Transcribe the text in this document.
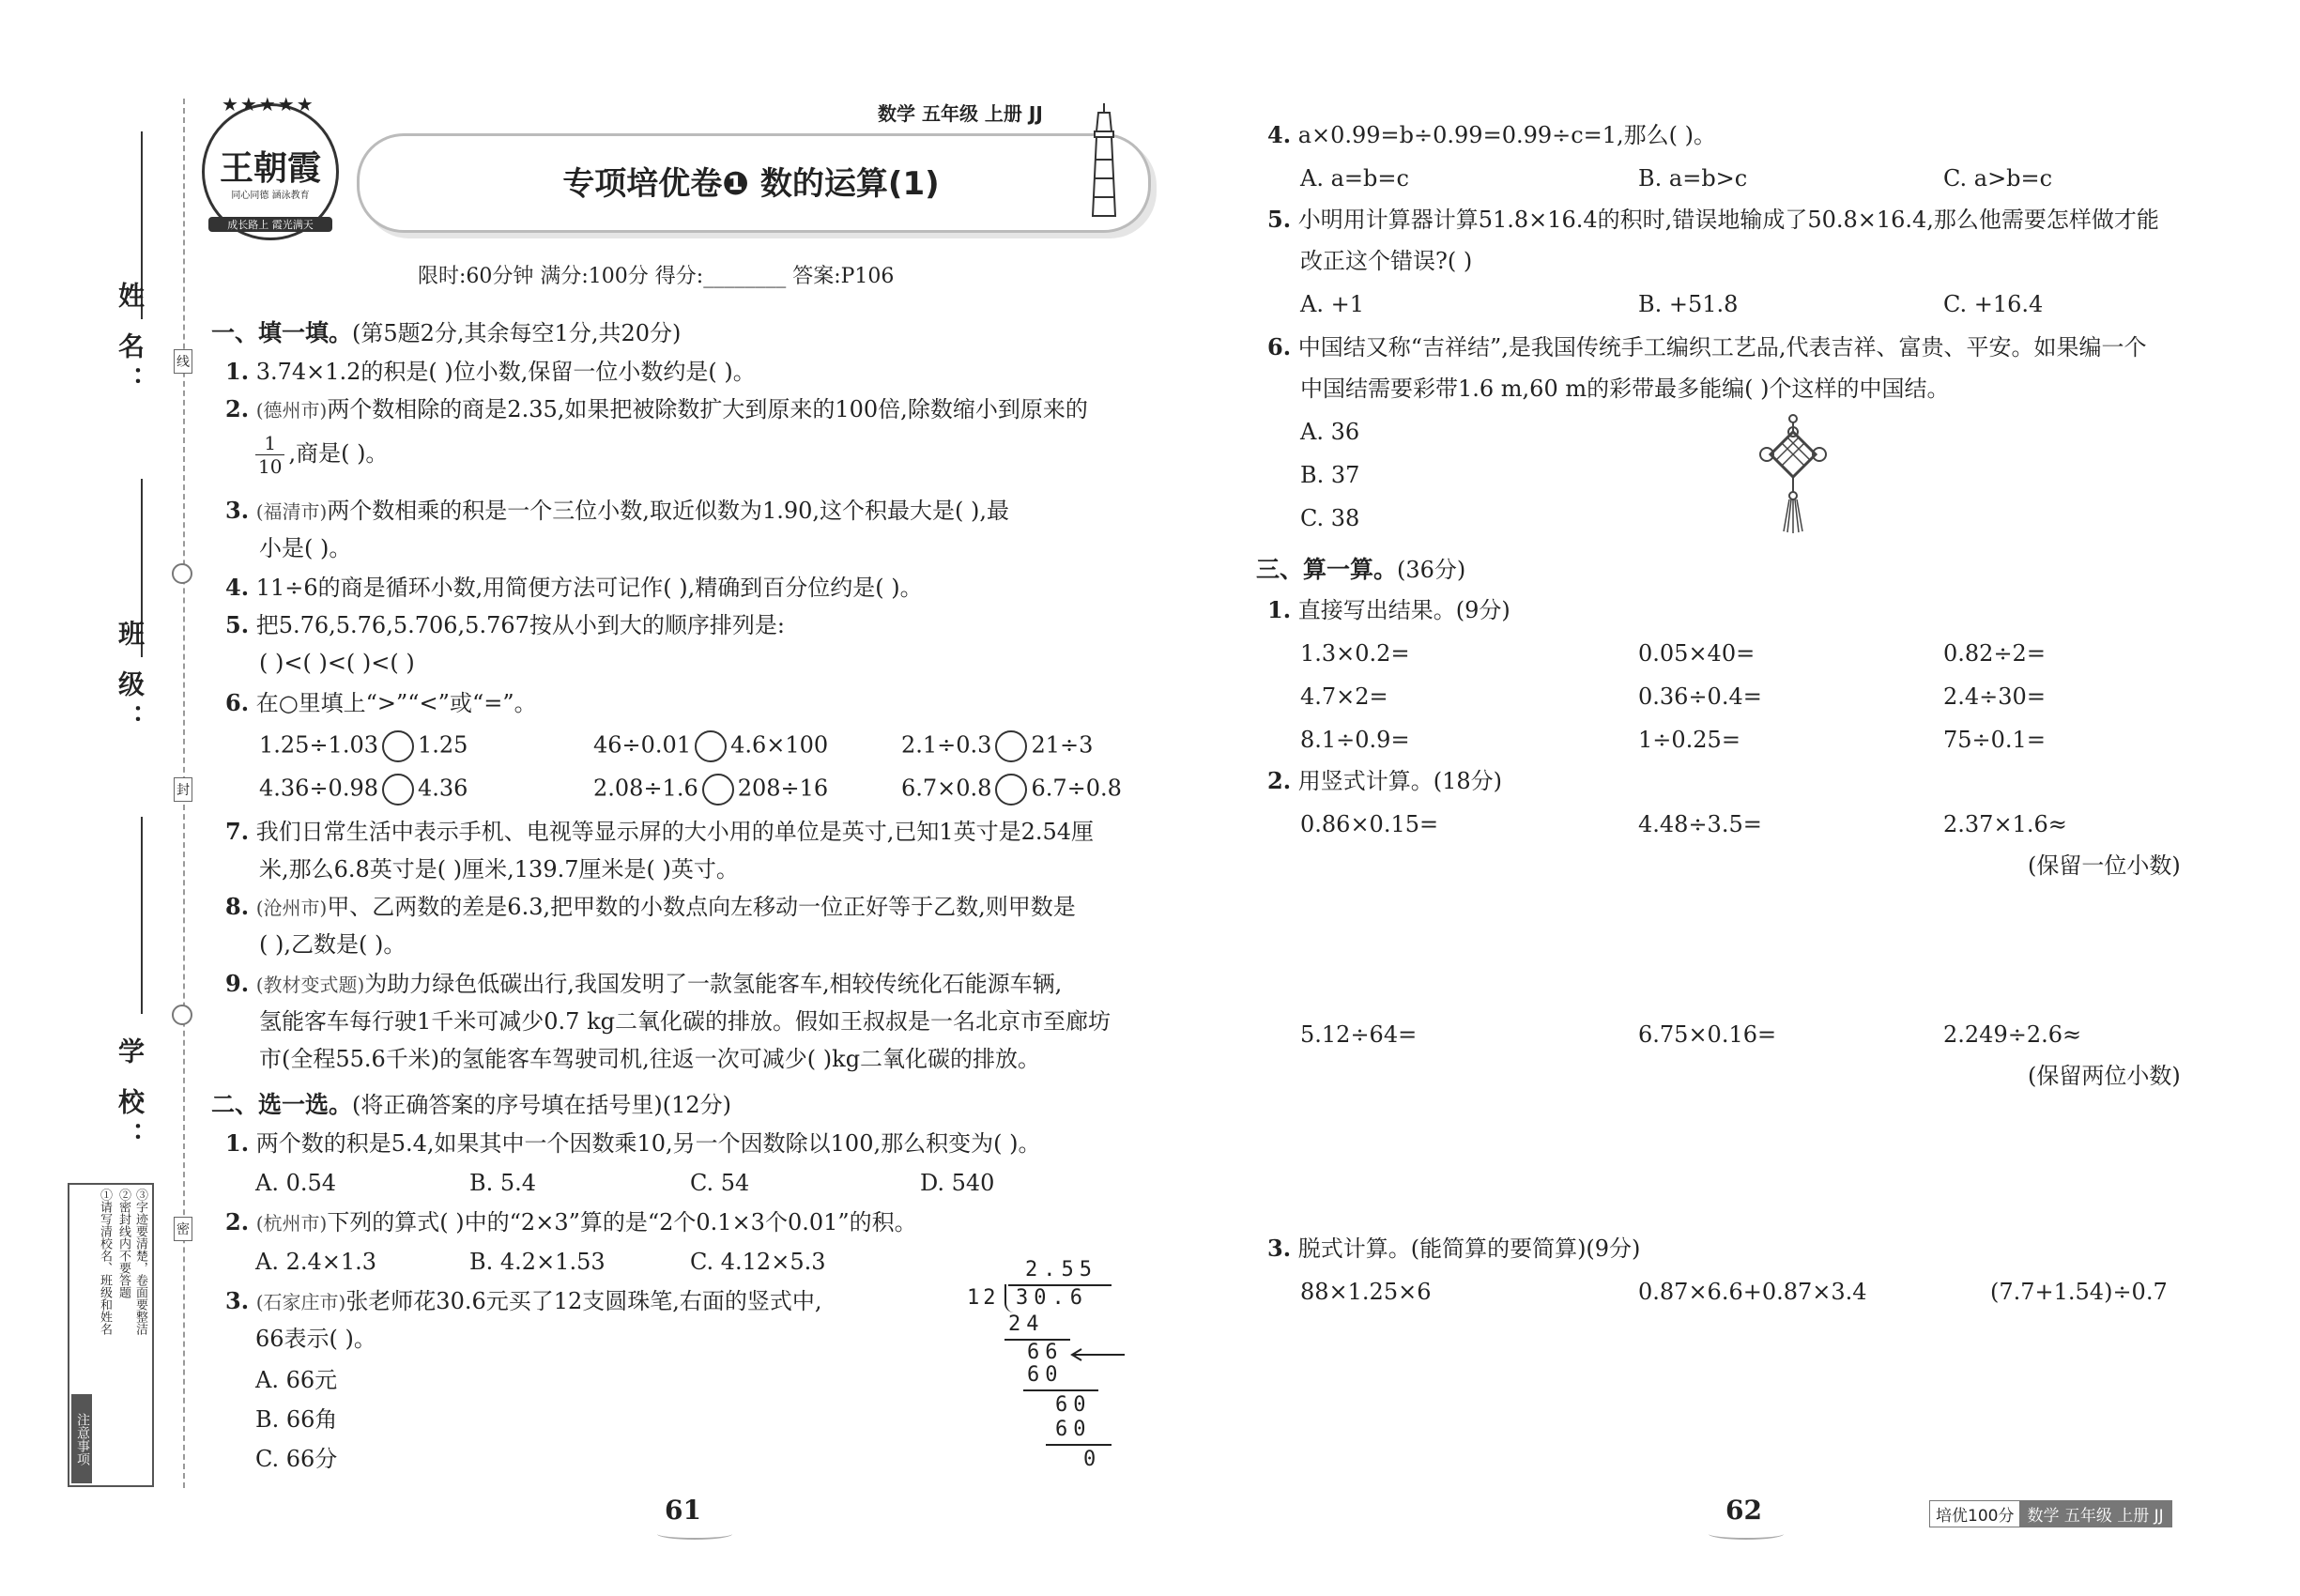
姓 名：
班 级：
学 校：
线
封
密
注意事项
①请写清校名、班级和姓名 ②密封线内不要答题 ③字迹要清楚，卷面要整洁
★★★★★
王朝霞
同心同德 涵泳教育
成长路上 霞光满天
数学 五年级 上册 JJ
专项培优卷❶ 数的运算(1)
限时:60分钟 满分:100分 得分:________ 答案:P106
一、填一填。(第5题2分,其余每空1分,共20分)
1. 3.74×1.2的积是( )位小数,保留一位小数约是( )。
2. (德州市)两个数相除的商是2.35,如果把被除数扩大到原来的100倍,除数缩小到原来的
$\frac{1}{10}$ ,商是( )。
3. (福清市)两个数相乘的积是一个三位小数,取近似数为1.90,这个积最大是( ),最
小是( )。
4. 11÷6的商是循环小数,用简便方法可记作( ),精确到百分位约是( )。
5. 把5.76,5.76,5.706,5.767按从小到大的顺序排列是:
( )<( )<( )<( )
6. 在○里填上“>”“<”或“=”。
1.25÷1.03 1.25	46÷0.01 4.6×100	2.1÷0.3 21÷3
4.36÷0.98 4.36	2.08÷1.6 208÷16	6.7×0.8 6.7÷0.8
7. 我们日常生活中表示手机、电视等显示屏的大小用的单位是英寸,已知1英寸是2.54厘
米,那么6.8英寸是( )厘米,139.7厘米是( )英寸。
8. (沧州市)甲、乙两数的差是6.3,把甲数的小数点向左移动一位正好等于乙数,则甲数是
( ),乙数是( )。
9. (教材变式题)为助力绿色低碳出行,我国发明了一款氢能客车,相较传统化石能源车辆,
氢能客车每行驶1千米可减少0.7 kg二氧化碳的排放。假如王叔叔是一名北京市至廊坊
市(全程55.6千米)的氢能客车驾驶司机,往返一次可减少( )kg二氧化碳的排放。
二、选一选。(将正确答案的序号填在括号里)(12分)
1. 两个数的积是5.4,如果其中一个因数乘10,另一个因数除以100,那么积变为( )。
A. 0.54	B. 5.4	C. 54	D. 540
2. (杭州市)下列的算式( )中的“2×3”算的是“2个0.1×3个0.01”的积。
A. 2.4×1.3	B. 4.2×1.53	C. 4.12×5.3
3. (石家庄市)张老师花30.6元买了12支圆珠笔,右面的竖式中,
66表示( )。
A. 66元
B. 66角
C. 66分
2.55
12 30.6
24
66
60
60
60
0
61
4. a×0.99=b÷0.99=0.99÷c=1,那么( )。
A. a=b=c	B. a=b>c	C. a>b=c
5. 小明用计算器计算51.8×16.4的积时,错误地输成了50.8×16.4,那么他需要怎样做才能
改正这个错误?( )
A. +1	B. +51.8	C. +16.4
6. 中国结又称“吉祥结”,是我国传统手工编织工艺品,代表吉祥、富贵、平安。如果编一个
中国结需要彩带1.6 m,60 m的彩带最多能编( )个这样的中国结。
A. 36
B. 37
C. 38
三、算一算。(36分)
1. 直接写出结果。(9分)
1.3×0.2=	0.05×40=	0.82÷2=
4.7×2=	0.36÷0.4=	2.4÷30=
8.1÷0.9=	1÷0.25=	75÷0.1=
2. 用竖式计算。(18分)
0.86×0.15=	4.48÷3.5=	2.37×1.6≈
(保留一位小数)
5.12÷64=	6.75×0.16=	2.249÷2.6≈
(保留两位小数)
3. 脱式计算。(能简算的要简算)(9分)
88×1.25×6	0.87×6.6+0.87×3.4	(7.7+1.54)÷0.7
62	培优100分 数学 五年级 上册 JJ
